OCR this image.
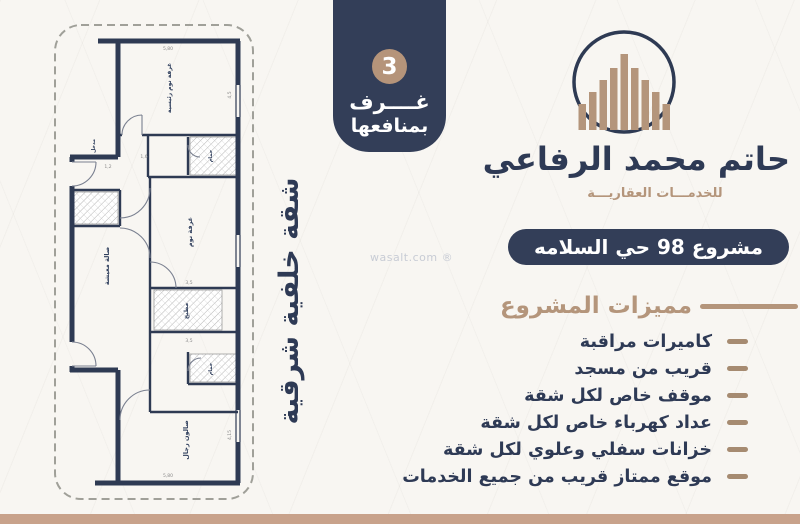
غرفة نوم رئيسية
حمام
غرفة نوم
مطبخ
حمام
صالة معيشة
صالون رجال
مدخل
5,80
4,5
3,5
1,2
5,80
4,15
3,5
1,6
شقة خلفية شرقية	wasalt.com ®
3
غــــرف
بمنافعها
حاتم محمد الرفاعي
للخدمـــات العقاريـــة
مشروع 98 حي السلامه
مميزات المشروع
كاميرات مراقبة
قريب من مسجد
موقف خاص لكل شقة
عداد كهرباء خاص لكل شقة
خزانات سفلي وعلوي لكل شقة
موقع ممتاز قريب من جميع الخدمات
